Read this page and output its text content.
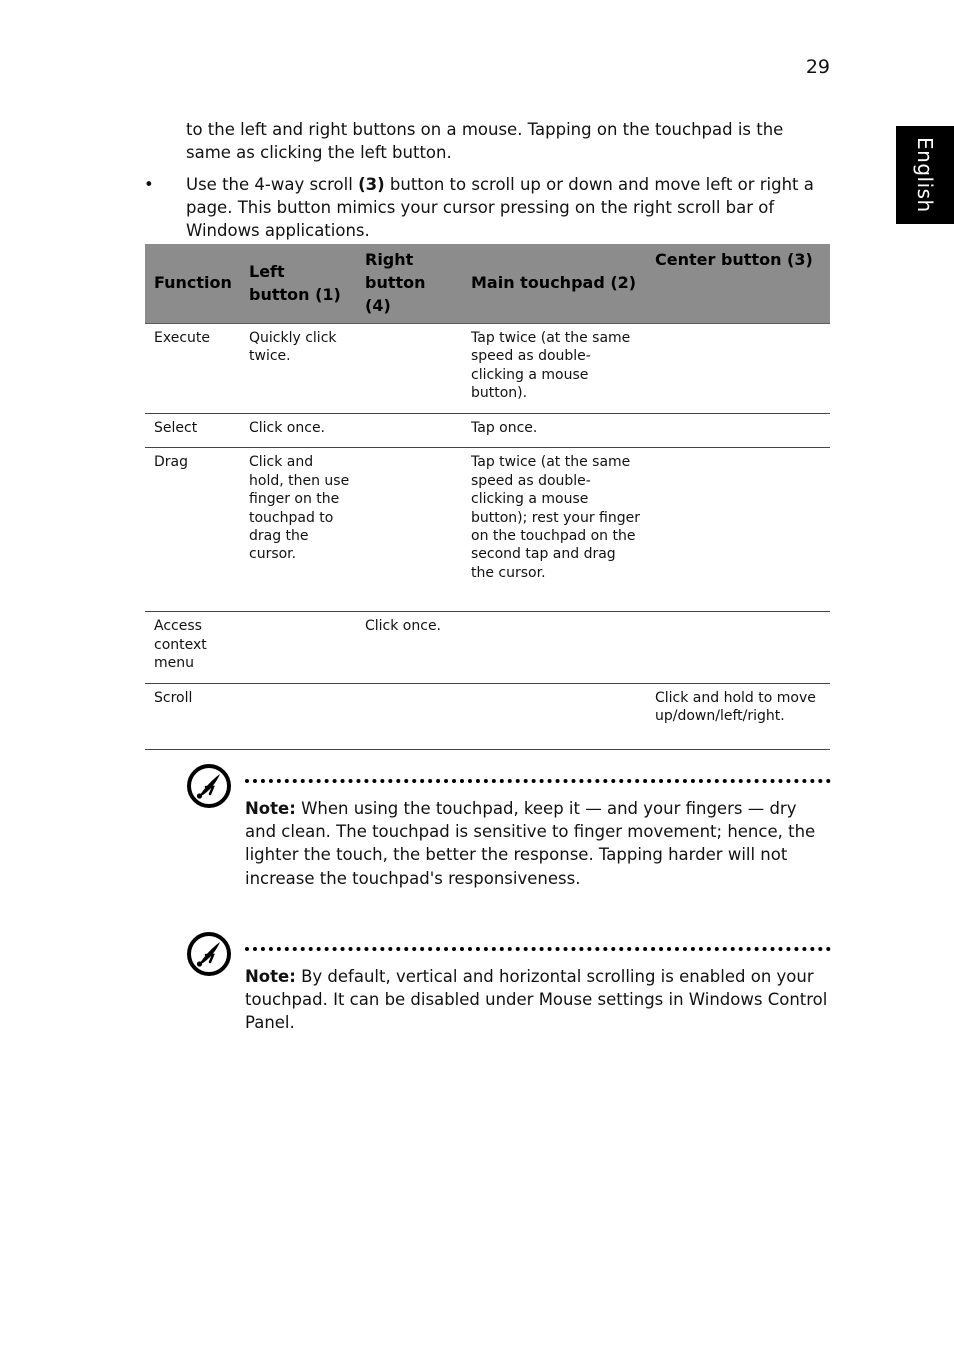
29
English
to the left and right buttons on a mouse. Tapping on the touchpad is the same as clicking the left button.
• Use the 4-way scroll (3) button to scroll up or down and move left or right a page. This button mimics your cursor pressing on the right scroll bar of Windows applications.
Function	Left button (1)	Right button (4)	Main touchpad (2)	Center button (3)
Execute	Quickly click twice.		Tap twice (at the same speed as double-clicking a mouse button).	
Select	Click once.		Tap once.	
Drag	Click and hold, then use finger on the touchpad to drag the cursor.		Tap twice (at the same speed as double-clicking a mouse button); rest your finger on the touchpad on the second tap and drag the cursor.	
Access context menu		Click once.		
Scroll				Click and hold to move up/down/left/right.
Note: When using the touchpad, keep it — and your fingers — dry and clean. The touchpad is sensitive to finger movement; hence, the lighter the touch, the better the response. Tapping harder will not increase the touchpad's responsiveness.
Note: By default, vertical and horizontal scrolling is enabled on your touchpad. It can be disabled under Mouse settings in Windows Control Panel.
